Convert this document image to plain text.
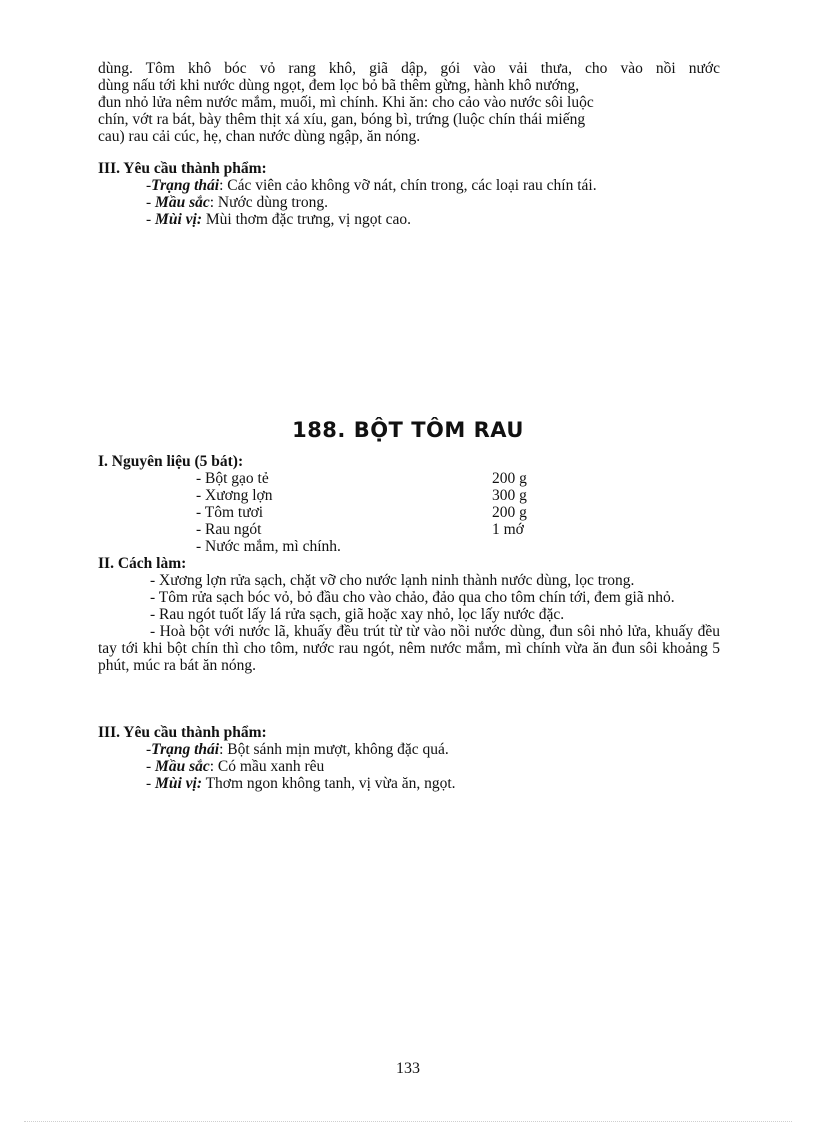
dùng. Tôm khô bóc vỏ rang khô, giã dập, gói vào vải thưa, cho vào nồi nước
dùng nấu tới khi nước dùng ngọt, đem lọc bỏ bã thêm gừng, hành khô nướng,
đun nhỏ lửa nêm nước mắm, muối, mì chính. Khi ăn: cho cảo vào nước sôi luộc
chín, vớt ra bát, bày thêm thịt xá xíu, gan, bóng bì, trứng (luộc chín thái miếng
cau) rau cải cúc, hẹ, chan nước dùng ngập, ăn nóng.
III. Yêu cầu thành phẩm:
-Trạng thái: Các viên cảo không vỡ nát, chín trong, các loại rau chín tái.
- Mầu sắc: Nước dùng trong.
- Mùi vị: Mùi thơm đặc trưng, vị ngọt cao.
188. BỘT TÔM RAU
I. Nguyên liệu (5 bát):
- Bột gạo tẻ	200 g
- Xương lợn	300 g
- Tôm tươi	200 g
- Rau ngót	1 mớ
- Nước mắm, mì chính.
II. Cách làm:
- Xương lợn rửa sạch, chặt vỡ cho nước lạnh ninh thành nước dùng, lọc trong.
- Tôm rửa sạch bóc vỏ, bỏ đầu cho vào chảo, đảo qua cho tôm chín tới, đem giã nhỏ.
- Rau ngót tuốt lấy lá rửa sạch, giã hoặc xay nhỏ, lọc lấy nước đặc.
- Hoà bột với nước lã, khuấy đều trút từ từ vào nồi nước dùng, đun sôi nhỏ lửa, khuấy đều tay tới khi bột chín thì cho tôm, nước rau ngót, nêm nước mắm, mì chính vừa ăn đun sôi khoảng 5 phút, múc ra bát ăn nóng.
III. Yêu cầu thành phẩm:
-Trạng thái: Bột sánh mịn mượt, không đặc quá.
- Mầu sắc: Có mầu xanh rêu
- Mùi vị: Thơm ngon không tanh, vị vừa ăn, ngọt.
133
